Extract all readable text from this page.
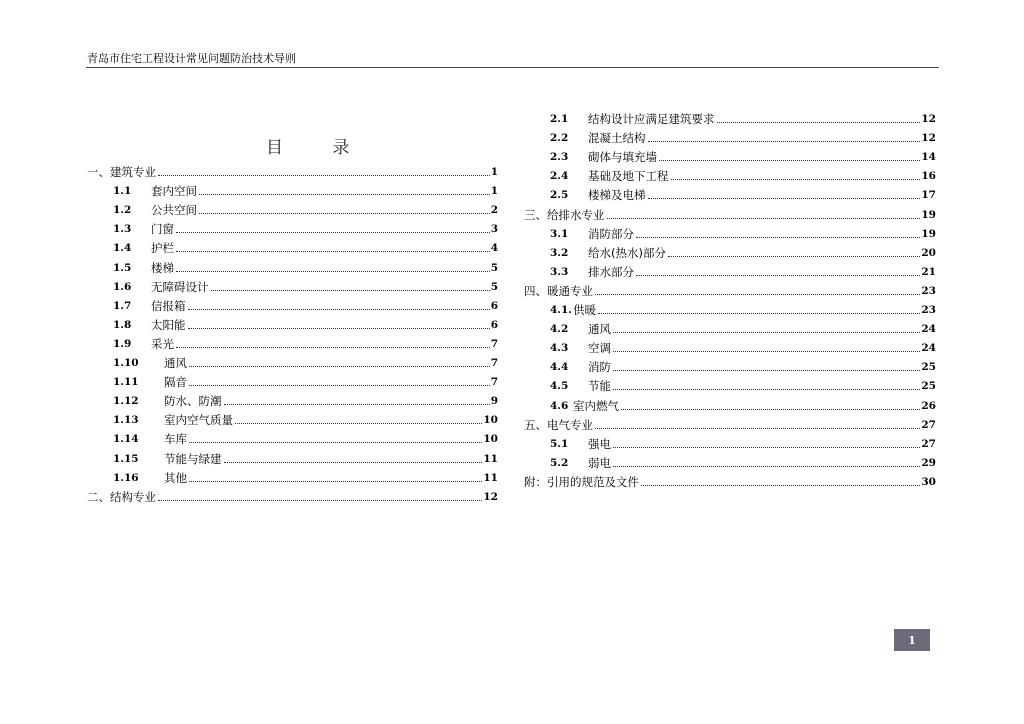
青岛市住宅工程设计常见问题防治技术导则
目 录
一、建筑专业	1
1.1	套内空间	1
1.2	公共空间	2
1.3	门窗	3
1.4	护栏	4
1.5	楼梯	5
1.6	无障碍设计	5
1.7	信报箱	6
1.8	太阳能	6
1.9	采光	7
1.10	通风	7
1.11	隔音	7
1.12	防水、防潮	9
1.13	室内空气质量	10
1.14	车库	10
1.15	节能与绿建	11
1.16	其他	11
二、结构专业	12
2.1	结构设计应满足建筑要求	12
2.2	混凝土结构	12
2.3	砌体与填充墙	14
2.4	基础及地下工程	16
2.5	楼梯及电梯	17
三、给排水专业	19
3.1	消防部分	19
3.2	给水(热水)部分	20
3.3	排水部分	21
四、暖通专业	23
4.1. 供暖	23
4.2	通风	24
4.3	空调	24
4.4	消防	25
4.5	节能	25
4.6 室内燃气	26
五、电气专业	27
5.1	强电	27
5.2	弱电	29
附：引用的规范及文件	30
1
